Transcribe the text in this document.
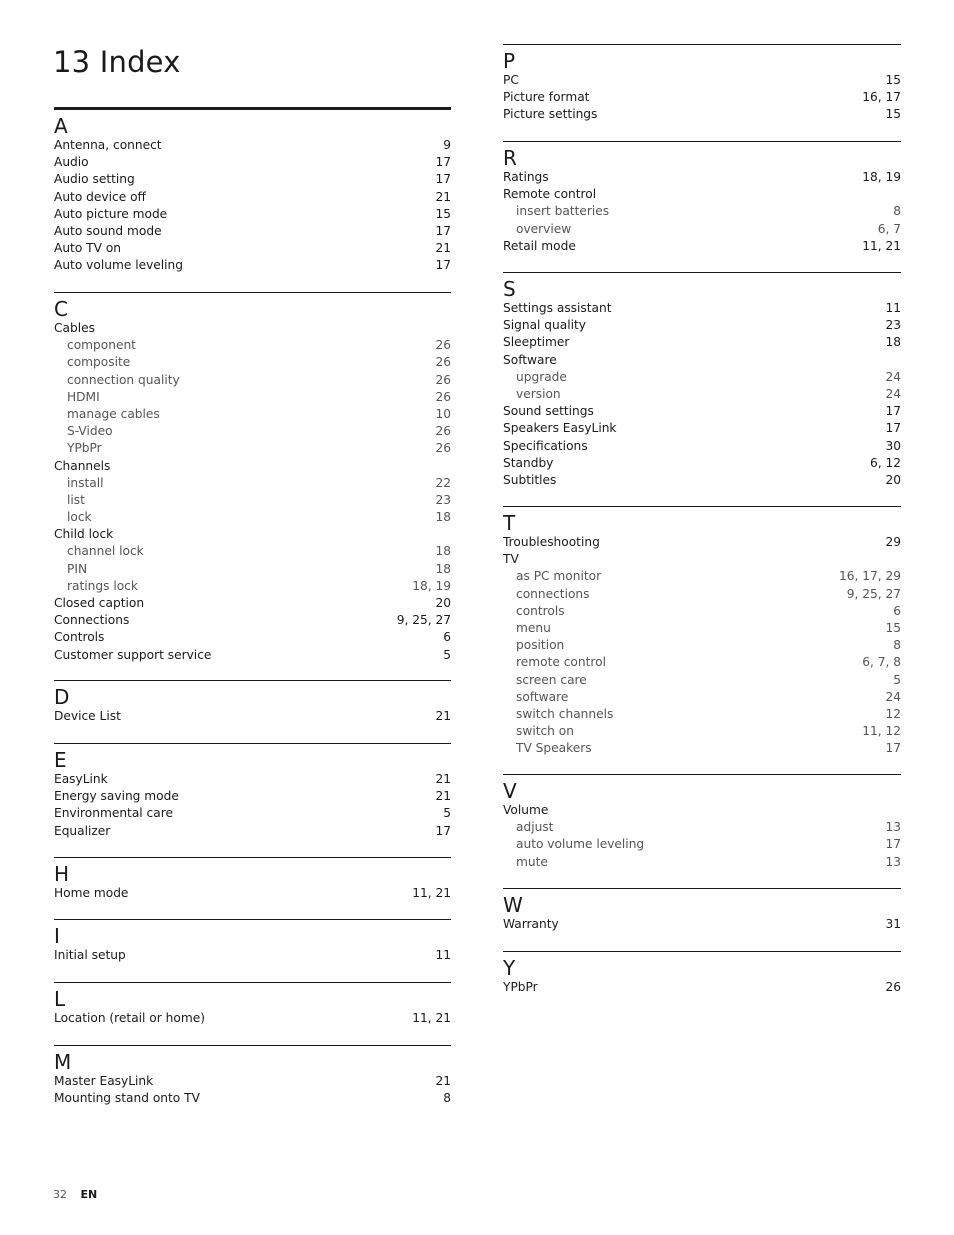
13 Index
A
Antenna, connect	9
Audio	17
Audio setting	17
Auto device off	21
Auto picture mode	15
Auto sound mode	17
Auto TV on	21
Auto volume leveling	17
C
Cables
component	26
composite	26
connection quality	26
HDMI	26
manage cables	10
S-Video	26
YPbPr	26
Channels
install	22
list	23
lock	18
Child lock
channel lock	18
PIN	18
ratings lock	18, 19
Closed caption	20
Connections	9, 25, 27
Controls	6
Customer support service	5
D
Device List	21
E
EasyLink	21
Energy saving mode	21
Environmental care	5
Equalizer	17
H
Home mode	11, 21
I
Initial setup	11
L
Location (retail or home)	11, 21
M
Master EasyLink	21
Mounting stand onto TV	8
P
PC	15
Picture format	16, 17
Picture settings	15
R
Ratings	18, 19
Remote control
insert batteries	8
overview	6, 7
Retail mode	11, 21
S
Settings assistant	11
Signal quality	23
Sleeptimer	18
Software
upgrade	24
version	24
Sound settings	17
Speakers EasyLink	17
Specifications	30
Standby	6, 12
Subtitles	20
T
Troubleshooting	29
TV
as PC monitor	16, 17, 29
connections	9, 25, 27
controls	6
menu	15
position	8
remote control	6, 7, 8
screen care	5
software	24
switch channels	12
switch on	11, 12
TV Speakers	17
V
Volume
adjust	13
auto volume leveling	17
mute	13
W
Warranty	31
Y
YPbPr	26
32 EN
